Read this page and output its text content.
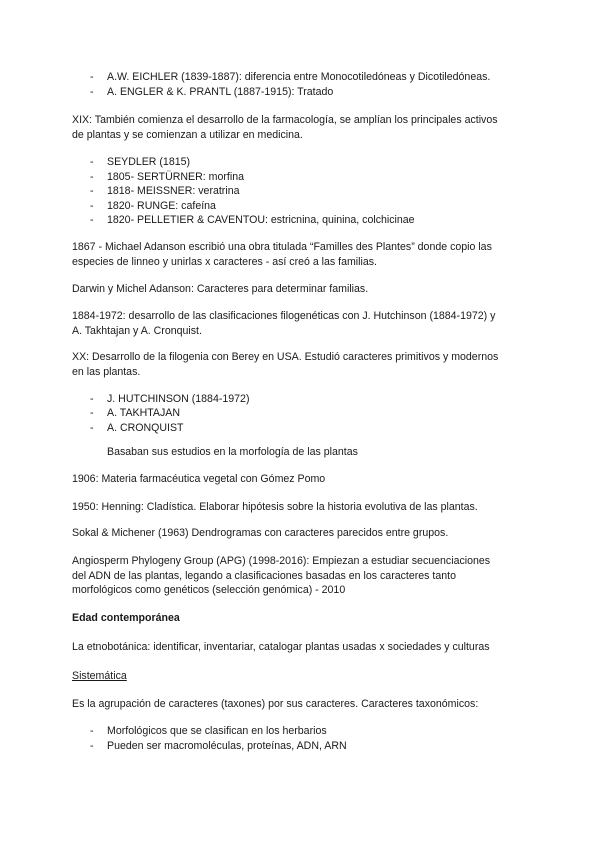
- A.W. EICHLER (1839-1887): diferencia entre Monocotiledóneas y Dicotiledóneas.
- A. ENGLER & K. PRANTL (1887-1915): Tratado
XIX: También comienza el desarrollo de la farmacología, se amplían los principales activos
de plantas y se comienzan a utilizar en medicina.
- SEYDLER (1815)
- 1805- SERTÜRNER: morfina
- 1818- MEISSNER: veratrina
- 1820- RUNGE: cafeína
- 1820- PELLETIER & CAVENTOU: estricnina, quinina, colchicinae
1867 - Michael Adanson escribió una obra titulada “Familles des Plantes” donde copio las
especies de linneo y unirlas x caracteres - así creó a las familias.
Darwin y Michel Adanson: Caracteres para determinar familias.
1884-1972: desarrollo de las clasificaciones filogenéticas con J. Hutchinson (1884-1972) y
A. Takhtajan y A. Cronquist.
XX: Desarrollo de la filogenia con Berey en USA. Estudió caracteres primitivos y modernos
en las plantas.
- J. HUTCHINSON (1884-1972)
- A. TAKHTAJAN
- A. CRONQUIST
Basaban sus estudios en la morfología de las plantas
1906: Materia farmacéutica vegetal con Gómez Pomo
1950: Henning: Cladística. Elaborar hipótesis sobre la historia evolutiva de las plantas.
Sokal & Michener (1963) Dendrogramas con caracteres parecidos entre grupos.
Angiosperm Phylogeny Group (APG) (1998-2016): Empiezan a estudiar secuenciaciones
del ADN de las plantas, legando a clasificaciones basadas en los caracteres tanto
morfológicos como genéticos (selección genómica) - 2010
Edad contemporánea
La etnobotánica: identificar, inventariar, catalogar plantas usadas x sociedades y culturas
Sistemática
Es la agrupación de caracteres (taxones) por sus caracteres. Caracteres taxonómicos:
- Morfológicos que se clasifican en los herbarios
- Pueden ser macromoléculas, proteínas, ADN, ARN
